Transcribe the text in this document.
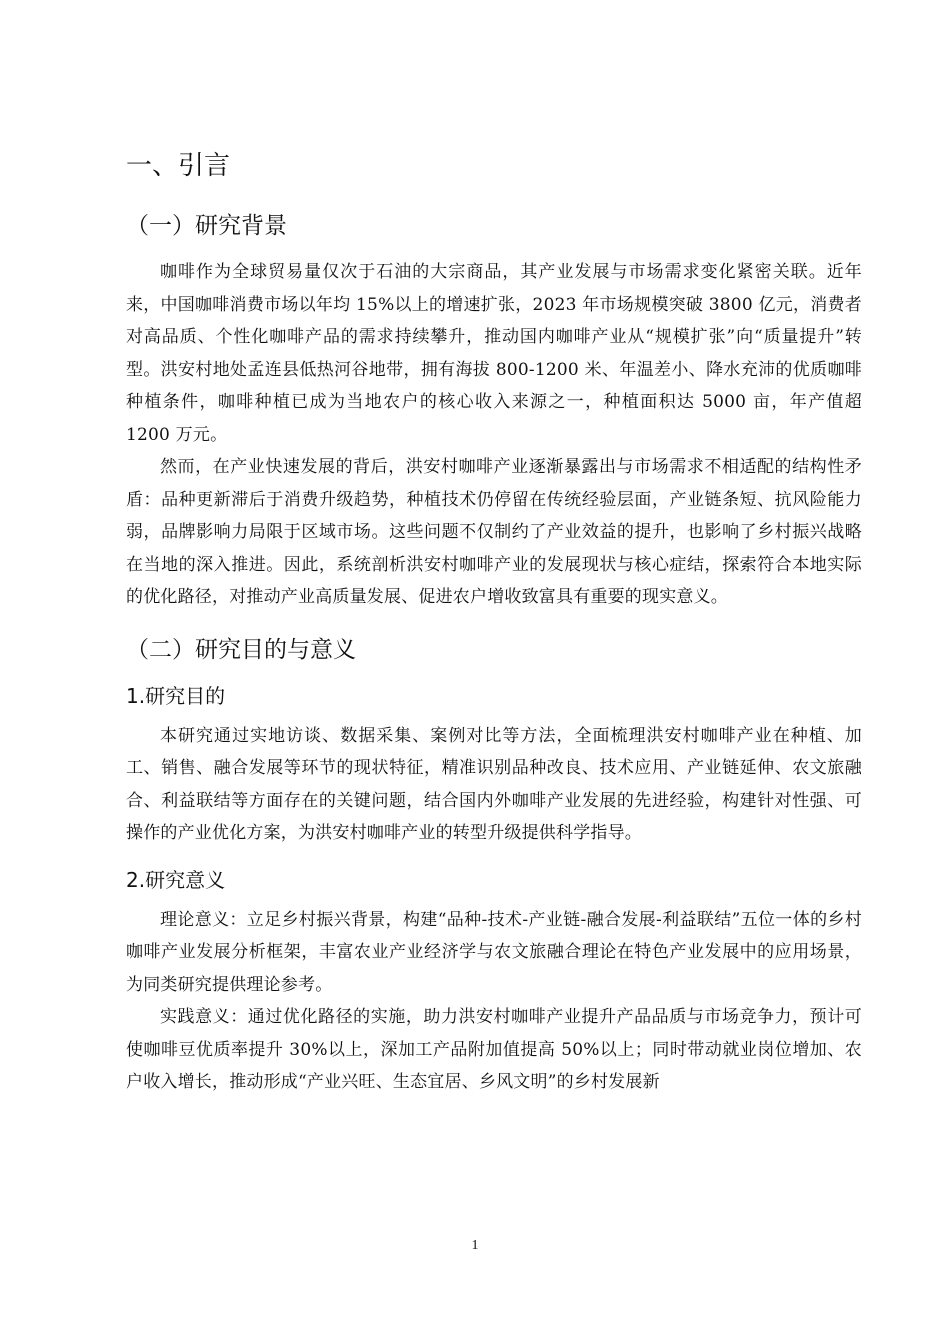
一、引言
（一）研究背景

咖啡作为全球贸易量仅次于石油的大宗商品，其产业发展与市场需求变化紧密关联。近年来，中国咖啡消费市场以年均 15%以上的增速扩张，2023 年市场规模突破 3800 亿元，消费者对高品质、个性化咖啡产品的需求持续攀升，推动国内咖啡产业从“规模扩张”向“质量提升”转型。洪安村地处孟连县低热河谷地带，拥有海拔 800-1200 米、年温差小、降水充沛的优质咖啡种植条件，咖啡种植已成为当地农户的核心收入来源之一，种植面积达 5000 亩，年产值超 1200 万元。

然而，在产业快速发展的背后，洪安村咖啡产业逐渐暴露出与市场需求不相适配的结构性矛盾：品种更新滞后于消费升级趋势，种植技术仍停留在传统经验层面，产业链条短、抗风险能力弱，品牌影响力局限于区域市场。这些问题不仅制约了产业效益的提升，也影响了乡村振兴战略在当地的深入推进。因此，系统剖析洪安村咖啡产业的发展现状与核心症结，探索符合本地实际的优化路径，对推动产业高质量发展、促进农户增收致富具有重要的现实意义。

（二）研究目的与意义
1.研究目的

本研究通过实地访谈、数据采集、案例对比等方法，全面梳理洪安村咖啡产业在种植、加工、销售、融合发展等环节的现状特征，精准识别品种改良、技术应用、产业链延伸、农文旅融合、利益联结等方面存在的关键问题，结合国内外咖啡产业发展的先进经验，构建针对性强、可操作的产业优化方案，为洪安村咖啡产业的转型升级提供科学指导。

2.研究意义

理论意义：立足乡村振兴背景，构建“品种-技术-产业链-融合发展-利益联结”五位一体的乡村咖啡产业发展分析框架，丰富农业产业经济学与农文旅融合理论在特色产业发展中的应用场景，为同类研究提供理论参考。

实践意义：通过优化路径的实施，助力洪安村咖啡产业提升产品品质与市场竞争力，预计可使咖啡豆优质率提升 30%以上，深加工产品附加值提高 50%以上；同时带动就业岗位增加、农户收入增长，推动形成“产业兴旺、生态宜居、乡风文明”的乡村发展新

1
